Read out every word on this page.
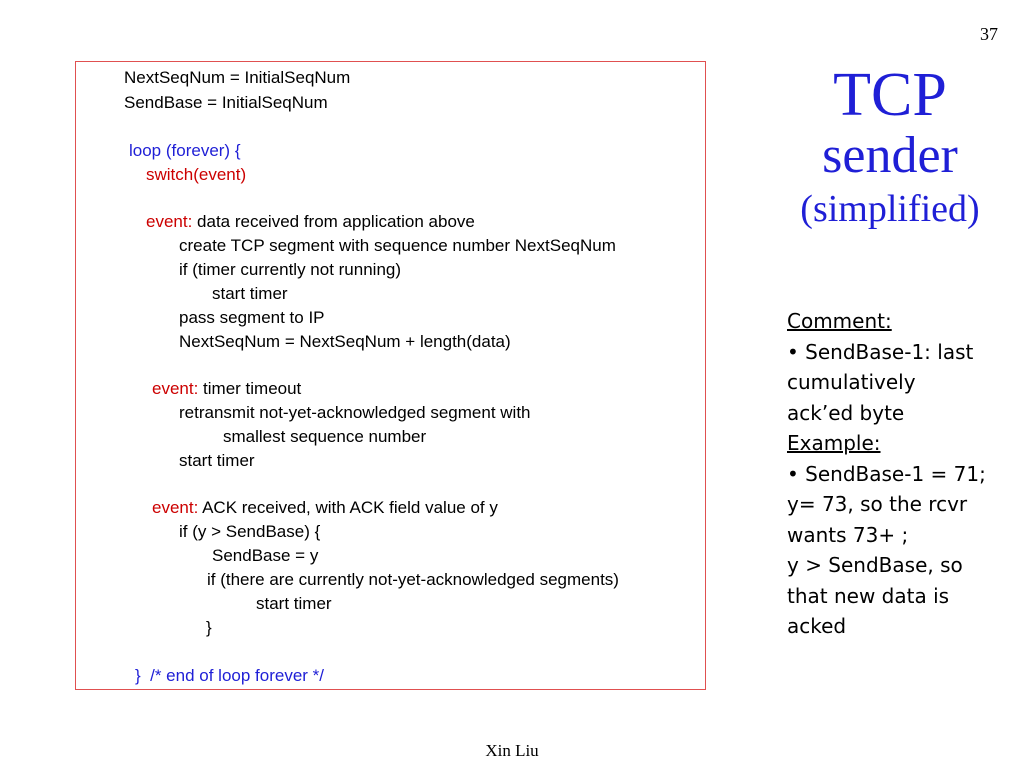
37
TCP
sender
(simplified)
NextSeqNum = InitialSeqNum
SendBase = InitialSeqNum
loop (forever) {
switch(event)
event: data received from application above
create TCP segment with sequence number NextSeqNum
if (timer currently not running)
start timer
pass segment to IP
NextSeqNum = NextSeqNum + length(data)
event: timer timeout
retransmit not-yet-acknowledged segment with
smallest sequence number
start timer
event: ACK received, with ACK field value of y
if (y > SendBase) {
SendBase = y
if (there are currently not-yet-acknowledged segments)
start timer
}
}  /* end of loop forever */
Comment:
• SendBase-1: last
cumulatively
ack’ed byte
Example:
• SendBase-1 = 71;
y= 73, so the rcvr
wants 73+ ;
y > SendBase, so
that new data is
acked
Xin Liu
